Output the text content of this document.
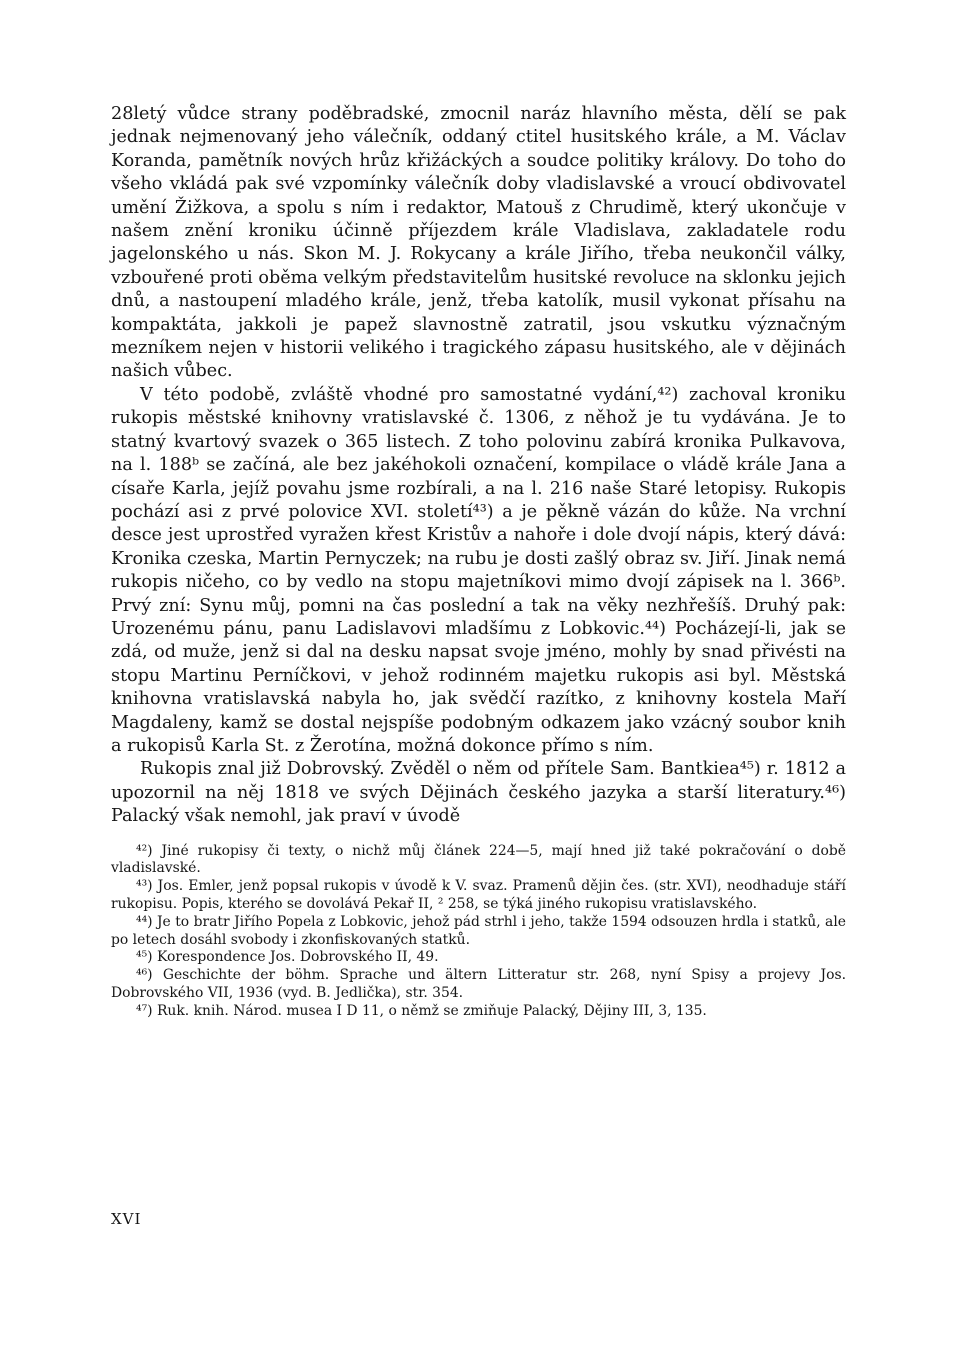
28letý vůdce strany poděbradské, zmocnil naráz hlavního města, dělí se pak jednak nejmenovaný jeho válečník, oddaný ctitel husitského krále, a M. Václav Koranda, pamětník nových hrůz křižáckých a soudce politiky královy. Do toho do všeho vkládá pak své vzpomínky válečník doby vladislavské a vroucí obdivovatel umění Žižkova, a spolu s ním i redaktor, Matouš z Chrudimě, který ukončuje v našem znění kroniku účinně příjezdem krále Vladislava, zakladatele rodu jagelonského u nás. Skon M. J. Rokycany a krále Jiřího, třeba neukončil války, vzbouřené proti oběma velkým představitelům husitské revoluce na sklonku jejich dnů, a nastoupení mladého krále, jenž, třeba katolík, musil vykonat přísahu na kompaktáta, jakkoli je papež slavnostně zatratil, jsou vskutku význačným mezníkem nejen v historii velikého i tragického zápasu husitského, ale v dějinách našich vůbec.

V této podobě, zvláště vhodné pro samostatné vydání,⁴²) zachoval kroniku rukopis městské knihovny vratislavské č. 1306, z něhož je tu vydávána. Je to statný kvartový svazek o 365 listech. Z toho polovinu zabírá kronika Pulkavova, na l. 188ᵇ se začíná, ale bez jakéhokoli označení, kompilace o vládě krále Jana a císaře Karla, jejíž povahu jsme rozbírali, a na l. 216 naše Staré letopisy. Rukopis pochází asi z prvé polovice XVI. století⁴³) a je pěkně vázán do kůže. Na vrchní desce jest uprostřed vyražen křest Kristův a nahoře i dole dvojí nápis, který dává: Kronika czeska, Martin Pernyczek; na rubu je dosti zašlý obraz sv. Jiří. Jinak nemá rukopis ničeho, co by vedlo na stopu majetníkovi mimo dvojí zápisek na l. 366ᵇ. Prvý zní: Synu můj, pomni na čas poslední a tak na věky nezhřešíš. Druhý pak: Urozenému pánu, panu Ladislavovi mladšímu z Lobkovic.⁴⁴) Pocházejí-li, jak se zdá, od muže, jenž si dal na desku napsat svoje jméno, mohly by snad přivésti na stopu Martinu Perníčkovi, v jehož rodinném majetku rukopis asi byl. Městská knihovna vratislavská nabyla ho, jak svědčí razítko, z knihovny kostela Maří Magdaleny, kamž se dostal nejspíše podobným odkazem jako vzácný soubor knih a rukopisů Karla St. z Žerotína, možná dokonce přímo s ním.

Rukopis znal již Dobrovský. Zvěděl o něm od přítele Sam. Bantkiea⁴⁵) r. 1812 a upozornil na něj 1818 ve svých Dějinách českého jazyka a starší literatury.⁴⁶) Palacký však nemohl, jak praví v úvodě

⁴²) Jiné rukopisy či texty, o nichž můj článek 224—5, mají hned již také pokračování o době vladislavské.

⁴³) Jos. Emler, jenž popsal rukopis v úvodě k V. svaz. Pramenů dějin čes. (str. XVI), neodhaduje stáří rukopisu. Popis, kterého se dovolává Pekař II, ² 258, se týká jiného rukopisu vratislavského.

⁴⁴) Je to bratr Jiřího Popela z Lobkovic, jehož pád strhl i jeho, takže 1594 odsouzen hrdla i statků, ale po letech dosáhl svobody i zkonfiskovaných statků.

⁴⁵) Korespondence Jos. Dobrovského II, 49.

⁴⁶) Geschichte der böhm. Sprache und ältern Litteratur str. 268, nyní Spisy a projevy Jos. Dobrovského VII, 1936 (vyd. B. Jedlička), str. 354.

⁴⁷) Ruk. knih. Národ. musea I D 11, o němž se zmiňuje Palacký, Dějiny III, 3, 135.

XVI
